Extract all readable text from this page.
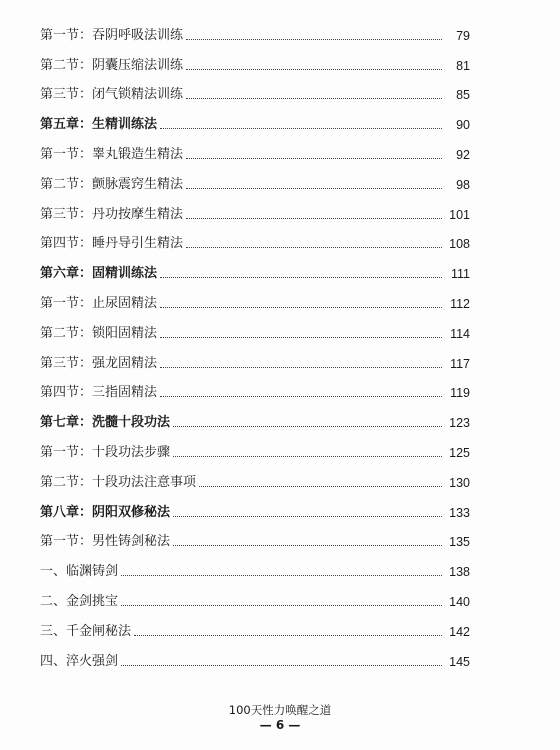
第一节：吞阴呼吸法训练	79
第二节：阴囊压缩法训练	81
第三节：闭气锁精法训练	85
第五章：生精训练法	90
第一节：睾丸锻造生精法	92
第二节：颤脉震窍生精法	98
第三节：丹功按摩生精法	101
第四节：睡丹导引生精法	108
第六章：固精训练法	111
第一节：止尿固精法	112
第二节：锁阳固精法	114
第三节：强龙固精法	117
第四节：三指固精法	119
第七章：洗髓十段功法	123
第一节：十段功法步骤	125
第二节：十段功法注意事项	130
第八章：阴阳双修秘法	133
第一节：男性铸剑秘法	135
一、临渊铸剑	138
二、金剑挑宝	140
三、千金闸秘法	142
四、淬火强剑	145
100天性力唤醒之道
— 6 —
